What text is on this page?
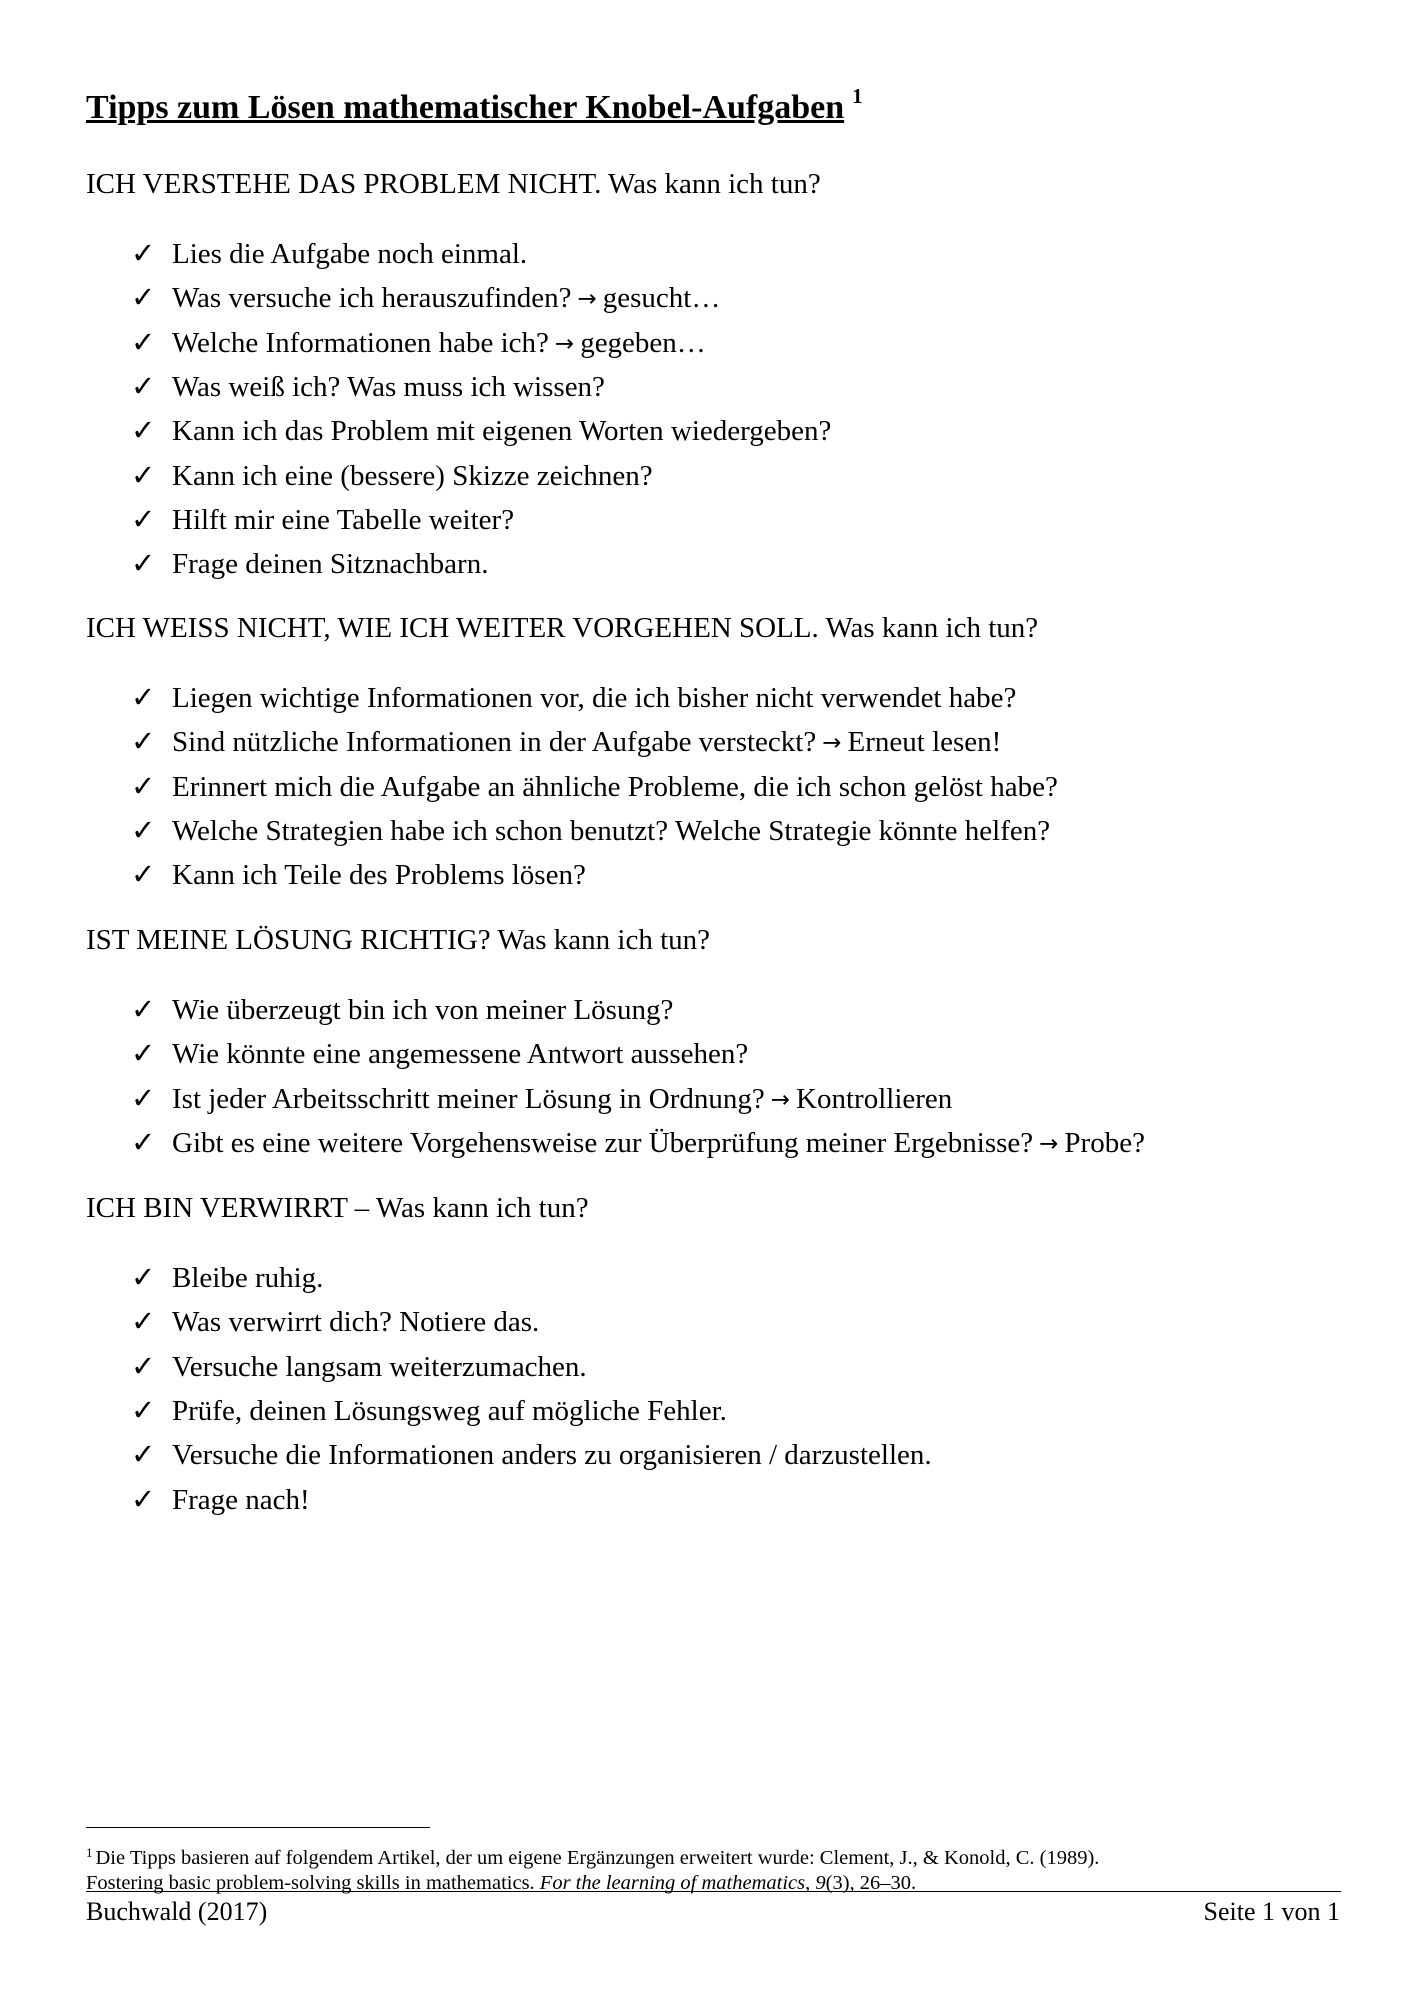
Tipps zum Lösen mathematischer Knobel-Aufgaben $^1$
ICH VERSTEHE DAS PROBLEM NICHT. Was kann ich tun?
✓ Lies die Aufgabe noch einmal.
✓ Was versuche ich herauszufinden? → gesucht…
✓ Welche Informationen habe ich? → gegeben…
✓ Was weiß ich? Was muss ich wissen?
✓ Kann ich das Problem mit eigenen Worten wiedergeben?
✓ Kann ich eine (bessere) Skizze zeichnen?
✓ Hilft mir eine Tabelle weiter?
✓ Frage deinen Sitznachbarn.
ICH WEISS NICHT, WIE ICH WEITER VORGEHEN SOLL. Was kann ich tun?
✓ Liegen wichtige Informationen vor, die ich bisher nicht verwendet habe?
✓ Sind nützliche Informationen in der Aufgabe versteckt? → Erneut lesen!
✓ Erinnert mich die Aufgabe an ähnliche Probleme, die ich schon gelöst habe?
✓ Welche Strategien habe ich schon benutzt? Welche Strategie könnte helfen?
✓ Kann ich Teile des Problems lösen?
IST MEINE LÖSUNG RICHTIG? Was kann ich tun?
✓ Wie überzeugt bin ich von meiner Lösung?
✓ Wie könnte eine angemessene Antwort aussehen?
✓ Ist jeder Arbeitsschritt meiner Lösung in Ordnung? → Kontrollieren
✓ Gibt es eine weitere Vorgehensweise zur Überprüfung meiner Ergebnisse? → Probe?
ICH BIN VERWIRRT – Was kann ich tun?
✓ Bleibe ruhig.
✓ Was verwirrt dich? Notiere das.
✓ Versuche langsam weiterzumachen.
✓ Prüfe, deinen Lösungsweg auf mögliche Fehler.
✓ Versuche die Informationen anders zu organisieren / darzustellen.
✓ Frage nach!
$^1$ Die Tipps basieren auf folgendem Artikel, der um eigene Ergänzungen erweitert wurde: Clement, J., & Konold, C. (1989).
Fostering basic problem-solving skills in mathematics. For the learning of mathematics, 9(3), 26–30.
Buchwald (2017)	Seite 1 von 1
